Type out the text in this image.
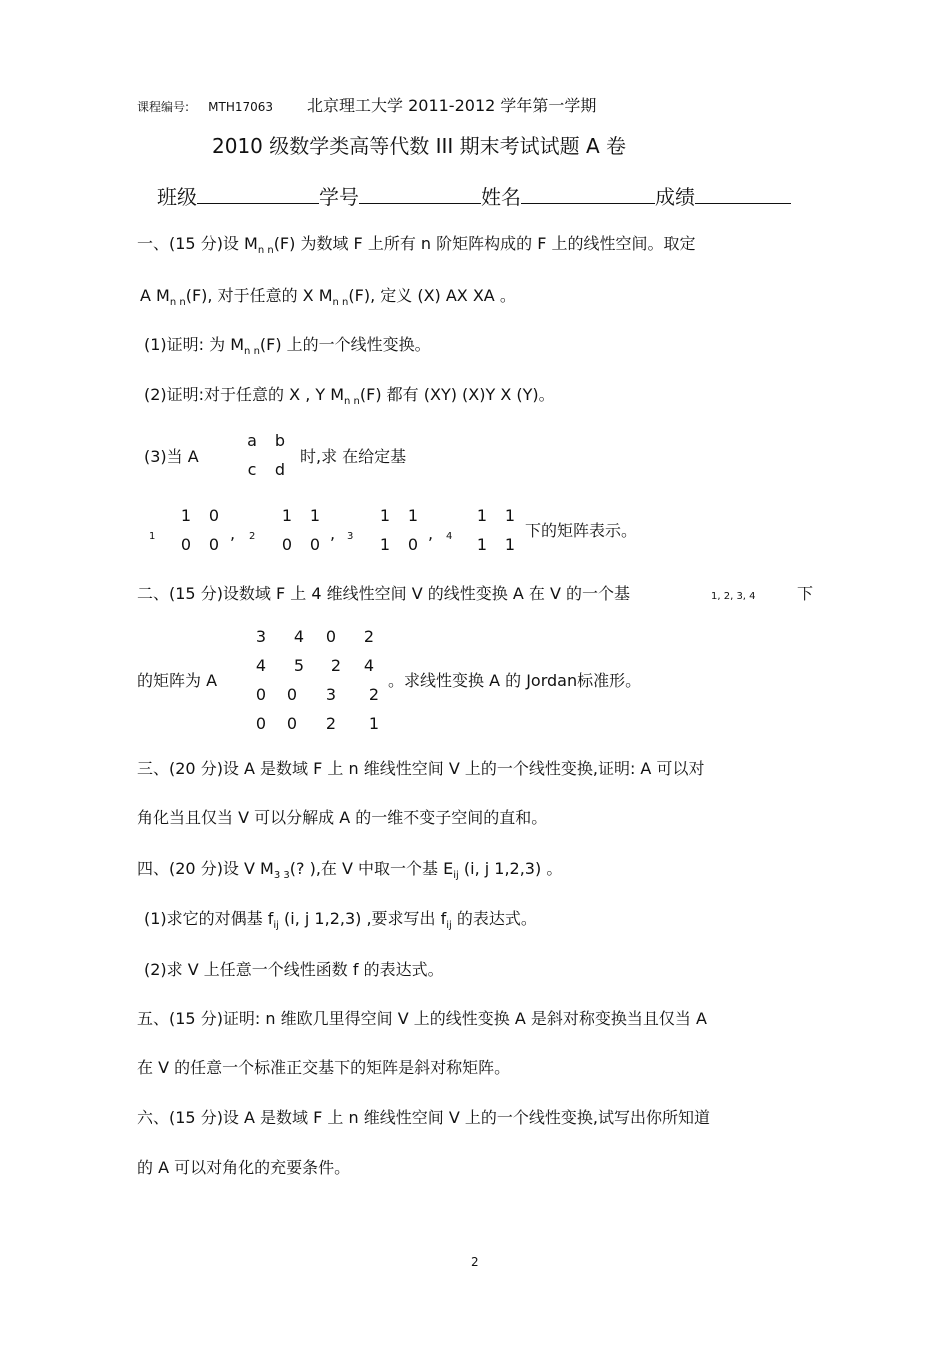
课程编号: MTH17063 北京理工大学 2011-2012 学年第一学期
2010 级数学类高等代数 III 期末考试试题 A 卷
班级	学号	姓名	成绩
一、(15 分)设 $M_{n n}(F)$ 为数域 F 上所有 n 阶矩阵构成的 F 上的线性空间。取定
A $M_{n n}(F)$, 对于任意的 X $M_{n n}(F)$, 定义 (X) AX XA 。
(1)证明: 为 $M_{n n}(F)$ 上的一个线性变换。
(2)证明:对于任意的 X , Y $M_{n n}(F)$ 都有 (XY) (X)Y X (Y)。
(3)当 A
a b
c d
时,求 在给定基
1
1 0
0 0
, 2
1 1
0 0
, 3
1 1
1 0
, 4
1 1
1 1
下的矩阵表示。
二、(15 分)设数域 F 上 4 维线性空间 V 的线性变换 A 在 V 的一个基	1, 2, 3, 4	下
的矩阵为 A
3 4 0 2
4 5 2 4
0 0 3 2
0 0 2 1
。求线性变换 A 的 Jordan标准形。
三、(20 分)设 A 是数域 F 上 n 维线性空间 V 上的一个线性变换,证明: A 可以对
角化当且仅当 V 可以分解成 A 的一维不变子空间的直和。
四、(20 分)设 V $M_{3 3}$(? ),在 V 中取一个基 $E_{ij}$ (i, j 1,2,3) 。
(1)求它的对偶基 $f_{ij}$ (i, j 1,2,3) ,要求写出 $f_{ij}$ 的表达式。
(2)求 V 上任意一个线性函数 f 的表达式。
五、(15 分)证明: n 维欧几里得空间 V 上的线性变换 A 是斜对称变换当且仅当 A
在 V 的任意一个标准正交基下的矩阵是斜对称矩阵。
六、(15 分)设 A 是数域 F 上 n 维线性空间 V 上的一个线性变换,试写出你所知道
的 A 可以对角化的充要条件。
2
